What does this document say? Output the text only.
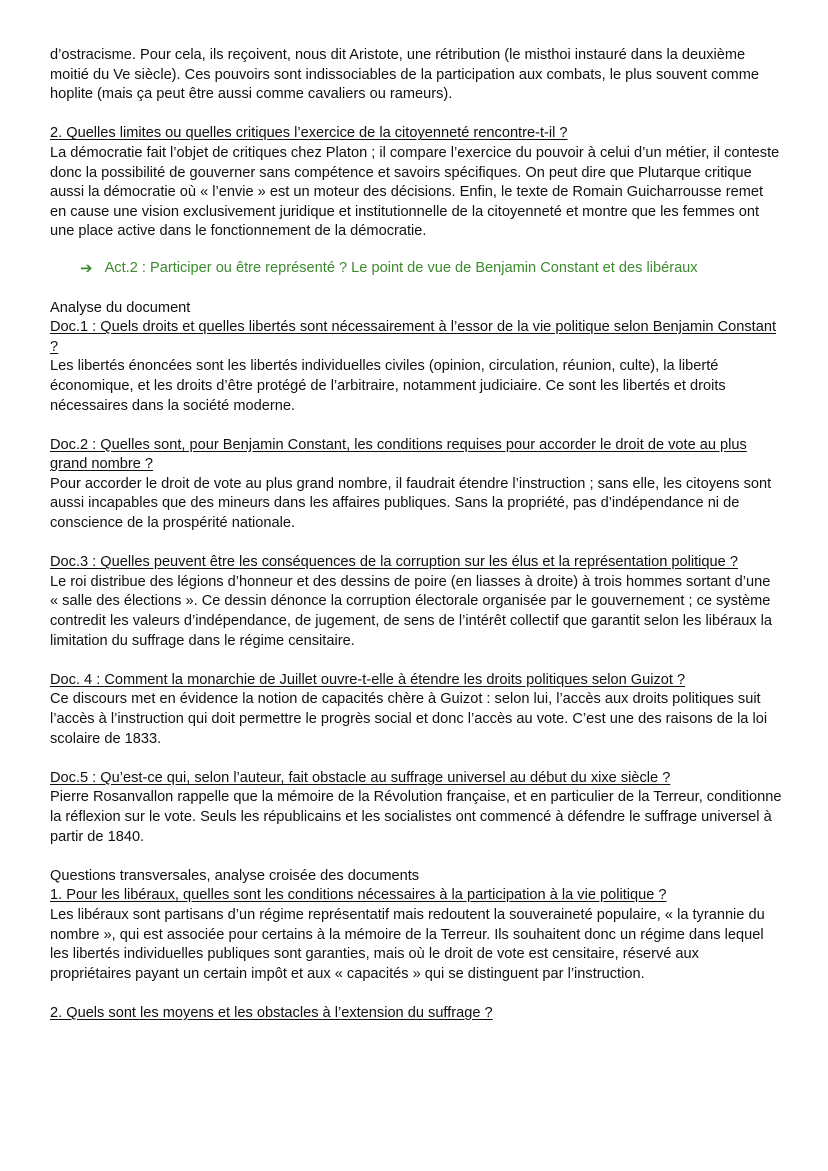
d’ostracisme. Pour cela, ils reçoivent, nous dit Aristote, une rétribution (le misthoi instauré dans la deuxième moitié du Ve siècle). Ces pouvoirs sont indissociables de la participation aux combats, le plus souvent comme hoplite (mais ça peut être aussi comme cavaliers ou rameurs).

2. Quelles limites ou quelles critiques l’exercice de la citoyenneté rencontre-t-il ?

La démocratie fait l’objet de critiques chez Platon ; il compare l’exercice du pouvoir à celui d’un métier, il conteste donc la possibilité de gouverner sans compétence et savoirs spécifiques. On peut dire que Plutarque critique aussi la démocratie où « l’envie » est un moteur des décisions. Enfin, le texte de Romain Guicharrousse remet en cause une vision exclusivement juridique et institutionnelle de la citoyenneté et montre que les femmes ont une place active dans le fonctionnement de la démocratie.

➔ Act.2 : Participer ou être représenté ? Le point de vue de Benjamin Constant et des libéraux

Analyse du document

Doc.1 : Quels droits et quelles libertés sont nécessairement à l’essor de la vie politique selon Benjamin Constant ?

Les libertés énoncées sont les libertés individuelles civiles (opinion, circulation, réunion, culte), la liberté économique, et les droits d’être protégé de l’arbitraire, notamment judiciaire. Ce sont les libertés et droits nécessaires dans la société moderne.

Doc.2 : Quelles sont, pour Benjamin Constant, les conditions requises pour accorder le droit de vote au plus grand nombre ?

Pour accorder le droit de vote au plus grand nombre, il faudrait étendre l’instruction ; sans elle, les citoyens sont aussi incapables que des mineurs dans les affaires publiques. Sans la propriété, pas d’indépendance ni de conscience de la prospérité nationale.

Doc.3 : Quelles peuvent être les conséquences de la corruption sur les élus et la représentation politique ?

Le roi distribue des légions d’honneur et des dessins de poire (en liasses à droite) à trois hommes sortant d’une « salle des élections ». Ce dessin dénonce la corruption électorale organisée par le gouvernement ; ce système contredit les valeurs d’indépendance, de jugement, de sens de l’intérêt collectif que garantit selon les libéraux la limitation du suffrage dans le régime censitaire.

Doc. 4 : Comment la monarchie de Juillet ouvre-t-elle à étendre les droits politiques selon Guizot ?

Ce discours met en évidence la notion de capacités chère à Guizot : selon lui, l’accès aux droits politiques suit l’accès à l’instruction qui doit permettre le progrès social et donc l’accès au vote. C’est une des raisons de la loi scolaire de 1833.

Doc.5 : Qu’est-ce qui, selon l’auteur, fait obstacle au suffrage universel au début du xixe siècle ?

Pierre Rosanvallon rappelle que la mémoire de la Révolution française, et en particulier de la Terreur, conditionne la réflexion sur le vote. Seuls les républicains et les socialistes ont commencé à défendre le suffrage universel à partir de 1840.

Questions transversales, analyse croisée des documents

1. Pour les libéraux, quelles sont les conditions nécessaires à la participation à la vie politique ?

Les libéraux sont partisans d’un régime représentatif mais redoutent la souveraineté populaire, « la tyrannie du nombre », qui est associée pour certains à la mémoire de la Terreur. Ils souhaitent donc un régime dans lequel les libertés individuelles publiques sont garanties, mais où le droit de vote est censitaire, réservé aux propriétaires payant un certain impôt et aux « capacités » qui se distinguent par l’instruction.

2. Quels sont les moyens et les obstacles à l’extension du suffrage ?
